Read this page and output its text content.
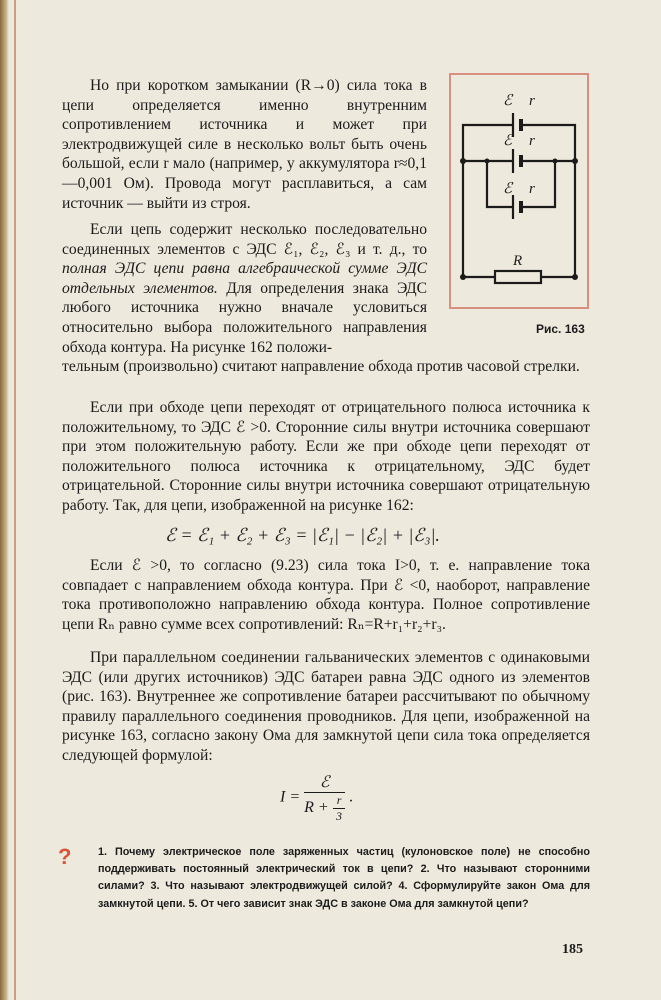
Но при коротком замыкании (R→0) сила тока в цепи определяется именно внутренним сопротивлением источника и может при электродвижущей силе в несколько вольт быть очень большой, если r мало (например, у аккумулятора r≈0,1—0,001 Ом). Провода могут расплавиться, а сам источник — выйти из строя.

Если цепь содержит несколько последовательно соединенных элементов с ЭДС ℰ₁, ℰ₂, ℰ₃ и т. д., то полная ЭДС цепи равна алгебраической сумме ЭДС отдельных элементов. Для определения знака ЭДС любого источника нужно вначале условиться относительно выбора положительного направления обхода контура. На рисунке 162 положи-

тельным (произвольно) считают направление обхода против часовой стрелки.

ℰ r
ℰ r
ℰ r
R
Рис. 163

Если при обходе цепи переходят от отрицательного полюса источника к положительному, то ЭДС ℰ >0. Сторонние силы внутри источника совершают при этом положительную работу. Если же при обходе цепи переходят от положительного полюса источника к отрицательному, ЭДС будет отрицательной. Сторонние силы внутри источника совершают отрицательную работу. Так, для цепи, изображенной на рисунке 162:

ℰ = ℰ₁ + ℰ₂ + ℰ₃ = |ℰ₁| − |ℰ₂| + |ℰ₃|.

Если ℰ >0, то согласно (9.23) сила тока I>0, т. е. направление тока совпадает с направлением обхода контура. При ℰ <0, наоборот, направление тока противоположно направлению обхода контура. Полное сопротивление цепи Rₙ равно сумме всех сопротивлений: Rₙ=R+r₁+r₂+r₃.

При параллельном соединении гальванических элементов с одинаковыми ЭДС (или других источников) ЭДС батареи равна ЭДС одного из элементов (рис. 163). Внутреннее же сопротивление батареи рассчитывают по обычному правилу параллельного соединения проводников. Для цепи, изображенной на рисунке 163, согласно закону Ома для замкнутой цепи сила тока определяется следующей формулой:

$I = \frac{\text{ℰ}}{R + \frac{r}{3}}$ .
? 1. Почему электрическое поле заряженных частиц (кулоновское поле) не способно поддерживать постоянный электрический ток в цепи? 2. Что называют сторонними силами? 3. Что называют электродвижущей силой? 4. Сформулируйте закон Ома для замкнутой цепи. 5. От чего зависит знак ЭДС в законе Ома для замкнутой цепи?

185
